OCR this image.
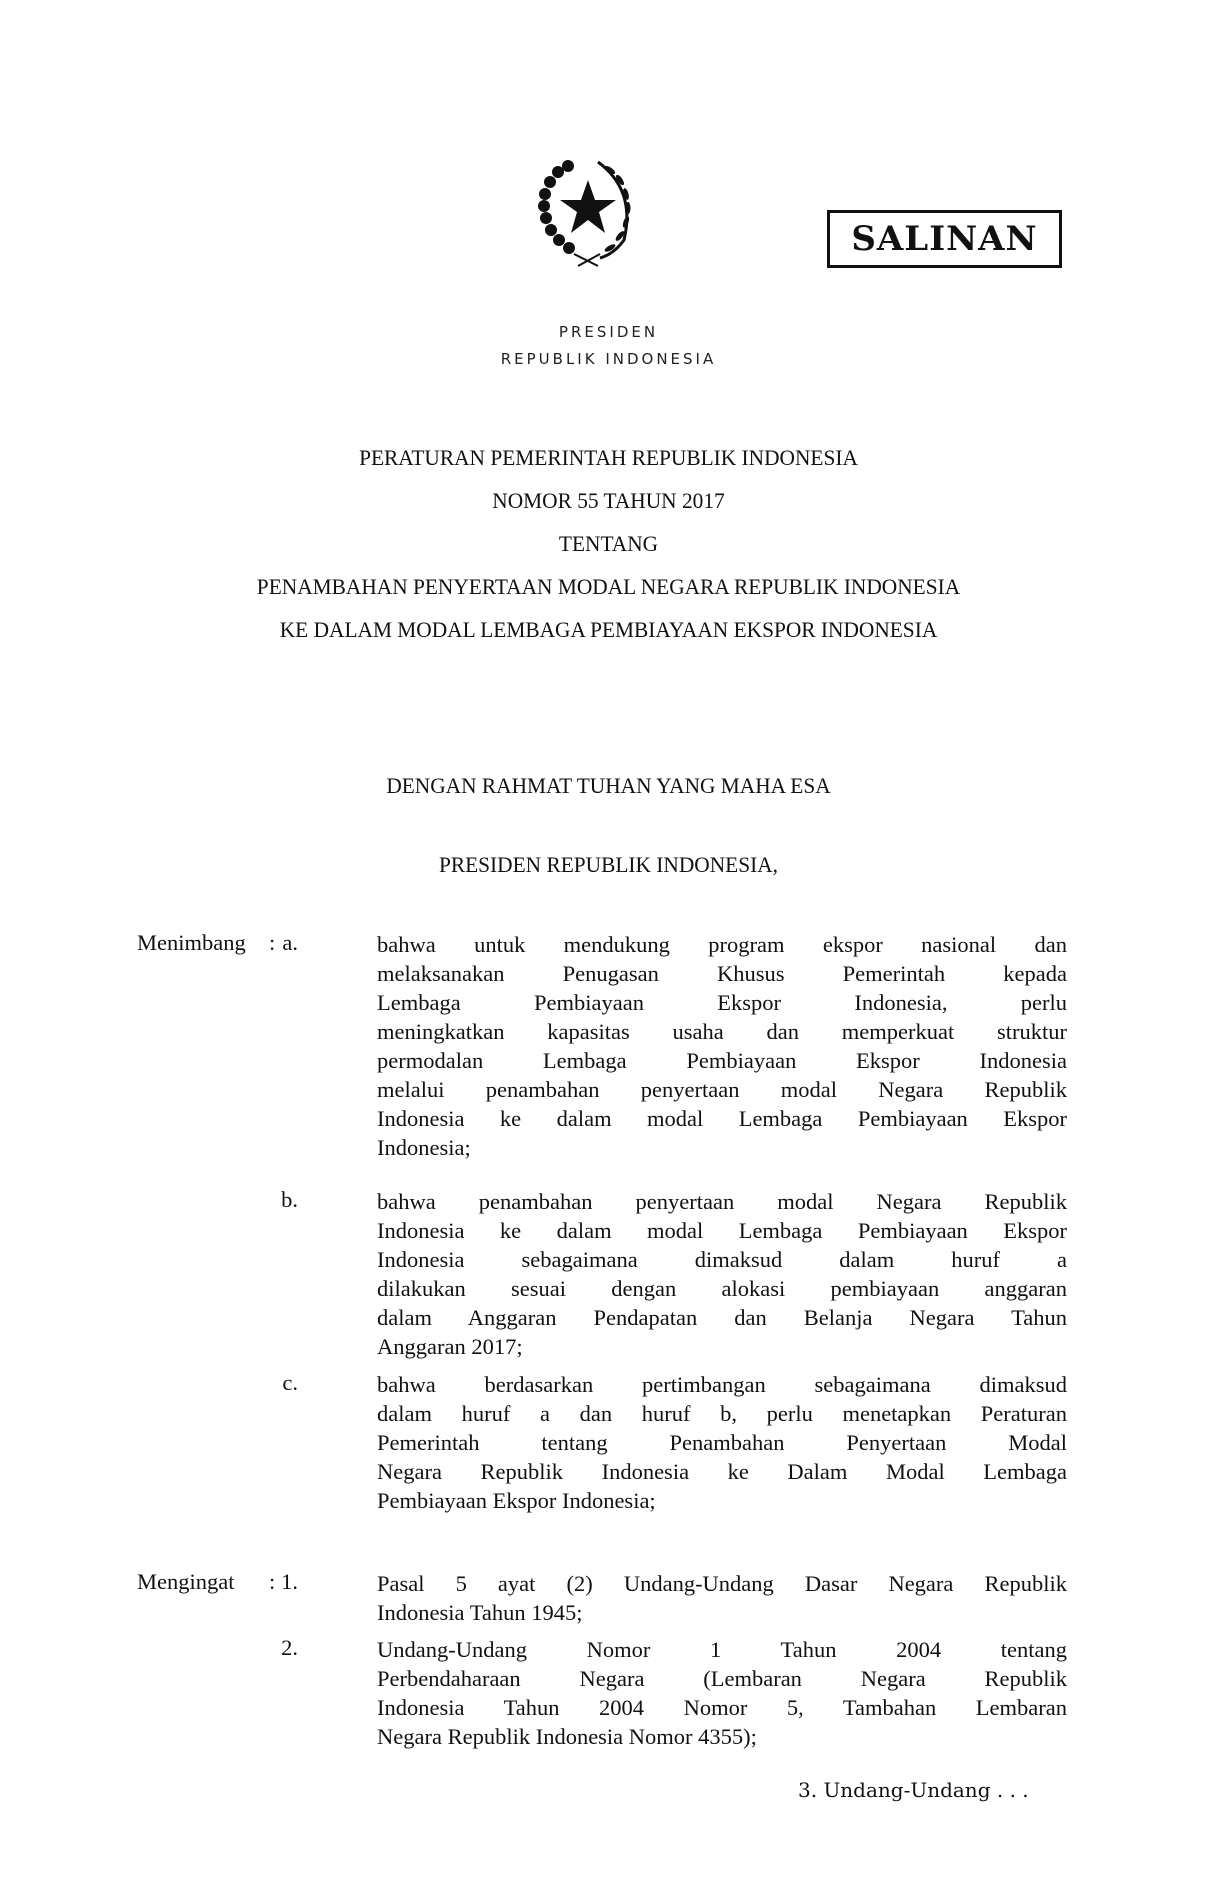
SALINAN
PRESIDEN
REPUBLIK INDONESIA
PERATURAN PEMERINTAH REPUBLIK INDONESIA
NOMOR 55 TAHUN 2017
TENTANG
PENAMBAHAN PENYERTAAN MODAL NEGARA REPUBLIK INDONESIA
KE DALAM MODAL LEMBAGA PEMBIAYAAN EKSPOR INDONESIA
DENGAN RAHMAT TUHAN YANG MAHA ESA
PRESIDEN REPUBLIK INDONESIA,
Menimbang : a.	bahwa untuk mendukung program ekspor nasional dan
melaksanakan Penugasan Khusus Pemerintah kepada
Lembaga Pembiayaan Ekspor Indonesia, perlu
meningkatkan kapasitas usaha dan memperkuat struktur
permodalan Lembaga Pembiayaan Ekspor Indonesia
melalui penambahan penyertaan modal Negara Republik
Indonesia ke dalam modal Lembaga Pembiayaan Ekspor
Indonesia;
b.	bahwa penambahan penyertaan modal Negara Republik
Indonesia ke dalam modal Lembaga Pembiayaan Ekspor
Indonesia sebagaimana dimaksud dalam huruf a
dilakukan sesuai dengan alokasi pembiayaan anggaran
dalam Anggaran Pendapatan dan Belanja Negara Tahun
Anggaran 2017;
c.	bahwa berdasarkan pertimbangan sebagaimana dimaksud
dalam huruf a dan huruf b, perlu menetapkan Peraturan
Pemerintah tentang Penambahan Penyertaan Modal
Negara Republik Indonesia ke Dalam Modal Lembaga
Pembiayaan Ekspor Indonesia;
Mengingat : 1.	Pasal 5 ayat (2) Undang-Undang Dasar Negara Republik
Indonesia Tahun 1945;
2.	Undang-Undang Nomor 1 Tahun 2004 tentang
Perbendaharaan Negara (Lembaran Negara Republik
Indonesia Tahun 2004 Nomor 5, Tambahan Lembaran
Negara Republik Indonesia Nomor 4355);
3. Undang-Undang . . .
